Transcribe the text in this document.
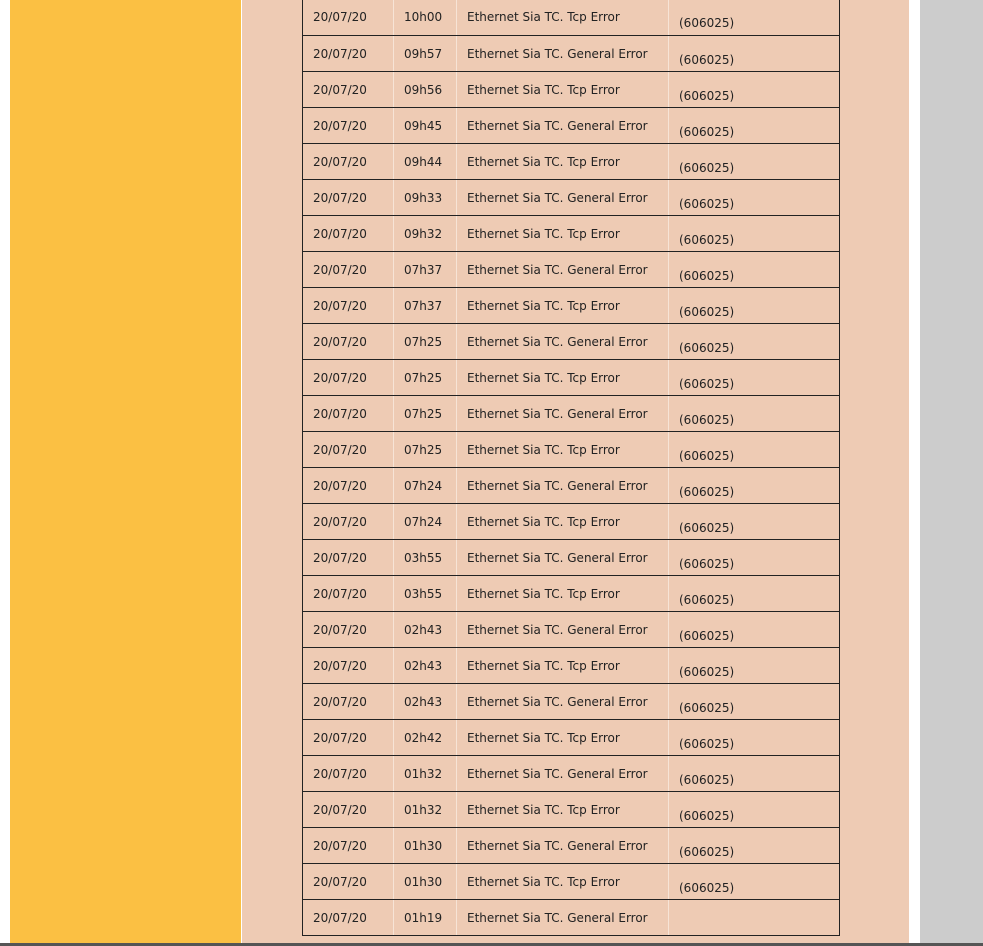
20/07/20	10h00	Ethernet Sia TC. Tcp Error	(606025)
20/07/20	09h57	Ethernet Sia TC. General Error	(606025)
20/07/20	09h56	Ethernet Sia TC. Tcp Error	(606025)
20/07/20	09h45	Ethernet Sia TC. General Error	(606025)
20/07/20	09h44	Ethernet Sia TC. Tcp Error	(606025)
20/07/20	09h33	Ethernet Sia TC. General Error	(606025)
20/07/20	09h32	Ethernet Sia TC. Tcp Error	(606025)
20/07/20	07h37	Ethernet Sia TC. General Error	(606025)
20/07/20	07h37	Ethernet Sia TC. Tcp Error	(606025)
20/07/20	07h25	Ethernet Sia TC. General Error	(606025)
20/07/20	07h25	Ethernet Sia TC. Tcp Error	(606025)
20/07/20	07h25	Ethernet Sia TC. General Error	(606025)
20/07/20	07h25	Ethernet Sia TC. Tcp Error	(606025)
20/07/20	07h24	Ethernet Sia TC. General Error	(606025)
20/07/20	07h24	Ethernet Sia TC. Tcp Error	(606025)
20/07/20	03h55	Ethernet Sia TC. General Error	(606025)
20/07/20	03h55	Ethernet Sia TC. Tcp Error	(606025)
20/07/20	02h43	Ethernet Sia TC. General Error	(606025)
20/07/20	02h43	Ethernet Sia TC. Tcp Error	(606025)
20/07/20	02h43	Ethernet Sia TC. General Error	(606025)
20/07/20	02h42	Ethernet Sia TC. Tcp Error	(606025)
20/07/20	01h32	Ethernet Sia TC. General Error	(606025)
20/07/20	01h32	Ethernet Sia TC. Tcp Error	(606025)
20/07/20	01h30	Ethernet Sia TC. General Error	(606025)
20/07/20	01h30	Ethernet Sia TC. Tcp Error	(606025)
20/07/20	01h19	Ethernet Sia TC. General Error	
